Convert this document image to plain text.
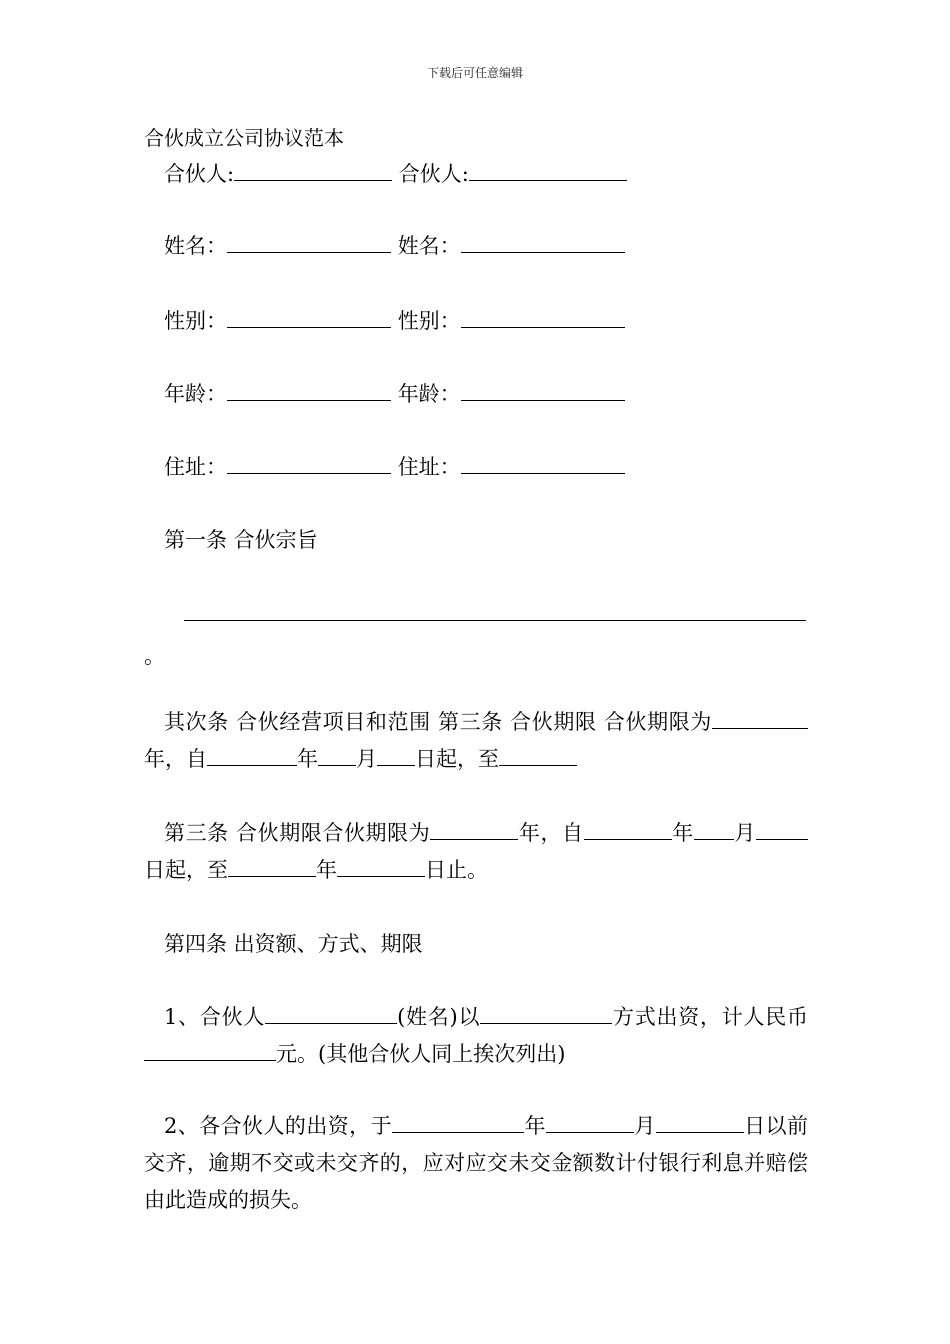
下载后可任意编辑
合伙成立公司协议范本
合伙人:	合伙人:
姓名：	姓名：
性别：	性别：
年龄：	年龄：
住址：	住址：
第一条 合伙宗旨
。
其次条 合伙经营项目和范围 第三条 合伙期限 合伙期限为年，自	年 月 日起，至
第三条 合伙期限合伙期限为	年，自	年 月日起，至	年	日止。
第四条 出资额、方式、期限
1、合伙人	(姓名)以	方式出资，计人民币元。(其他合伙人同上挨次列出)
2、各合伙人的出资，于	年	月	日以前交齐，逾期不交或未交齐的，应对应交未交金额数计付银行利息并赔偿由此造成的损失。
